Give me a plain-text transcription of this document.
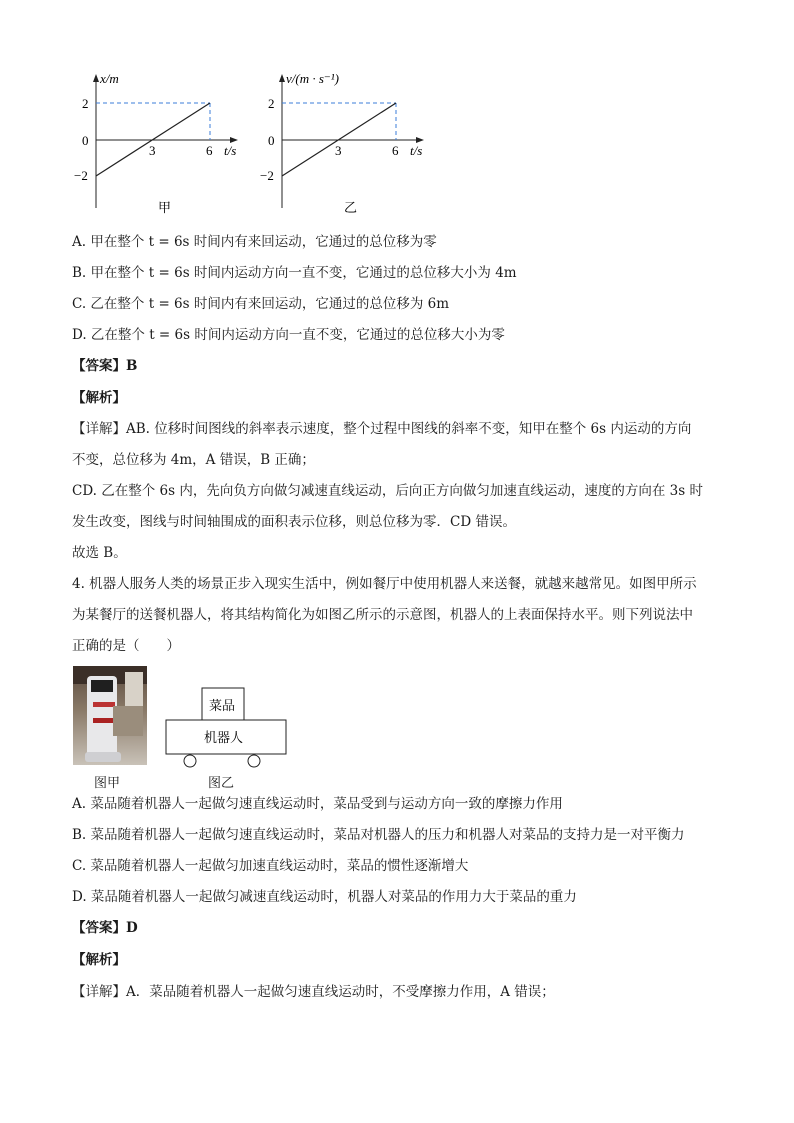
x/m
2
0
−2
3	6 t/s
甲
v/(m · s⁻¹)
2
0
−2
3	6 t/s
乙
A. 甲在整个 t = 6s 时间内有来回运动，它通过的总位移为零
B. 甲在整个 t = 6s 时间内运动方向一直不变，它通过的总位移大小为 4m
C. 乙在整个 t = 6s 时间内有来回运动，它通过的总位移为 6m
D. 乙在整个 t = 6s 时间内运动方向一直不变，它通过的总位移大小为零
【答案】B
【解析】
【详解】AB. 位移时间图线的斜率表示速度，整个过程中图线的斜率不变，知甲在整个 6s 内运动的方向
不变，总位移为 4m，A 错误，B 正确；
CD. 乙在整个 6s 内，先向负方向做匀减速直线运动，后向正方向做匀加速直线运动，速度的方向在 3s 时
发生改变，图线与时间轴围成的面积表示位移，则总位移为零．CD 错误。
故选 B。
4. 机器人服务人类的场景正步入现实生活中，例如餐厅中使用机器人来送餐，就越来越常见。如图甲所示
为某餐厅的送餐机器人，将其结构简化为如图乙所示的示意图，机器人的上表面保持水平。则下列说法中
正确的是（　　）
菜品
机器人
图甲	图乙
A. 菜品随着机器人一起做匀速直线运动时，菜品受到与运动方向一致的摩擦力作用
B. 菜品随着机器人一起做匀速直线运动时，菜品对机器人的压力和机器人对菜品的支持力是一对平衡力
C. 菜品随着机器人一起做匀加速直线运动时，菜品的惯性逐渐增大
D. 菜品随着机器人一起做匀减速直线运动时，机器人对菜品的作用力大于菜品的重力
【答案】D
【解析】
【详解】A．菜品随着机器人一起做匀速直线运动时，不受摩擦力作用，A 错误；
